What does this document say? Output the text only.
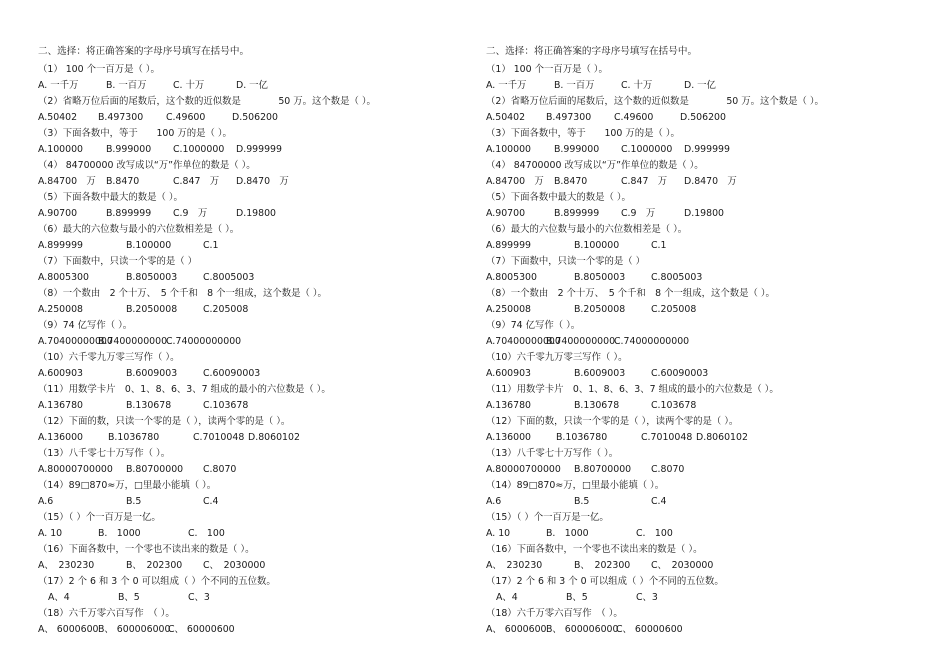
二、选择：将正确答案的字母序号填写在括号中。
（1） 100 个一百万是（ ）。
A. 一千万	B. 一百万	C. 十万	D. 一亿
（2）省略万位后面的尾数后，这个数的近似数是　　　　50 万。这个数是（ ）。
A.50402 B.497300 C.49600	D.506200
（3）下面各数中，等于　　100 万的是（ ）。
A.100000 B.999000 C.1000000 D.999999
（4） 84700000 改写成以“万”作单位的数是（ ）。
A.84700　万 B.8470	C.847　万 D.8470　万
（5）下面各数中最大的数是（ ）。
A.90700	B.899999 C.9　万	D.19800
（6）最大的六位数与最小的六位数相差是（ ）。
A.899999	B.100000	C.1
（7）下面数中，只读一个零的是（ ）
A.8005300	B.8050003	C.8005003
（8）一个数由　2 个十万、　5 个千和　8 个一组成，这个数是（ ）。
A.250008	B.2050008	C.205008
（9）74 亿写作（ ）。
A.70400000000
B.7400000000
C.74000000000
（10）六千零九万零三写作（ ）。
A.600903	B.6009003	C.60090003
（11）用数学卡片　0、1、8、6、3、7 组成的最小的六位数是（ ）。
A.136780	B.130678	C.103678
（12）下面的数，只读一个零的是（ ），读两个零的是（ ）。
A.136000	B.1036780	C.7010048 D.8060102
（13）八千零七十万写作（ ）。
A.80000700000 B.80700000 C.8070
（14）89□870≈万，□里最小能填（ ）。
A.6	B.5	C.4
（15）（ ）个一百万是一亿。
A. 10	B.　1000	C.　100
（16）下面各数中，一个零也不读出来的数是（ ）。
A、　230230	B、　202300 C、　2030000
（17）2 个 6 和 3 个 0 可以组成（ ）个不同的五位数。
A、4	B、5	C、3
（18）六千万零六百写作　（ ）。
A、 6000600 B、 600006000
C、 60000600
二、选择：将正确答案的字母序号填写在括号中。
（1） 100 个一百万是（ ）。
A. 一千万	B. 一百万	C. 十万	D. 一亿
（2）省略万位后面的尾数后，这个数的近似数是　　　　50 万。这个数是（ ）。
A.50402 B.497300 C.49600	D.506200
（3）下面各数中，等于　　100 万的是（ ）。
A.100000 B.999000 C.1000000 D.999999
（4） 84700000 改写成以“万”作单位的数是（ ）。
A.84700　万 B.8470	C.847　万 D.8470　万
（5）下面各数中最大的数是（ ）。
A.90700	B.899999 C.9　万	D.19800
（6）最大的六位数与最小的六位数相差是（ ）。
A.899999	B.100000	C.1
（7）下面数中，只读一个零的是（ ）
A.8005300	B.8050003	C.8005003
（8）一个数由　2 个十万、　5 个千和　8 个一组成，这个数是（ ）。
A.250008	B.2050008	C.205008
（9）74 亿写作（ ）。
A.70400000000
B.7400000000
C.74000000000
（10）六千零九万零三写作（ ）。
A.600903	B.6009003	C.60090003
（11）用数学卡片　0、1、8、6、3、7 组成的最小的六位数是（ ）。
A.136780	B.130678	C.103678
（12）下面的数，只读一个零的是（ ），读两个零的是（ ）。
A.136000	B.1036780	C.7010048 D.8060102
（13）八千零七十万写作（ ）。
A.80000700000 B.80700000 C.8070
（14）89□870≈万，□里最小能填（ ）。
A.6	B.5	C.4
（15）（ ）个一百万是一亿。
A. 10	B.　1000	C.　100
（16）下面各数中，一个零也不读出来的数是（ ）。
A、　230230	B、　202300 C、　2030000
（17）2 个 6 和 3 个 0 可以组成（ ）个不同的五位数。
A、4	B、5	C、3
（18）六千万零六百写作　（ ）。
A、 6000600 B、 600006000
C、 60000600
